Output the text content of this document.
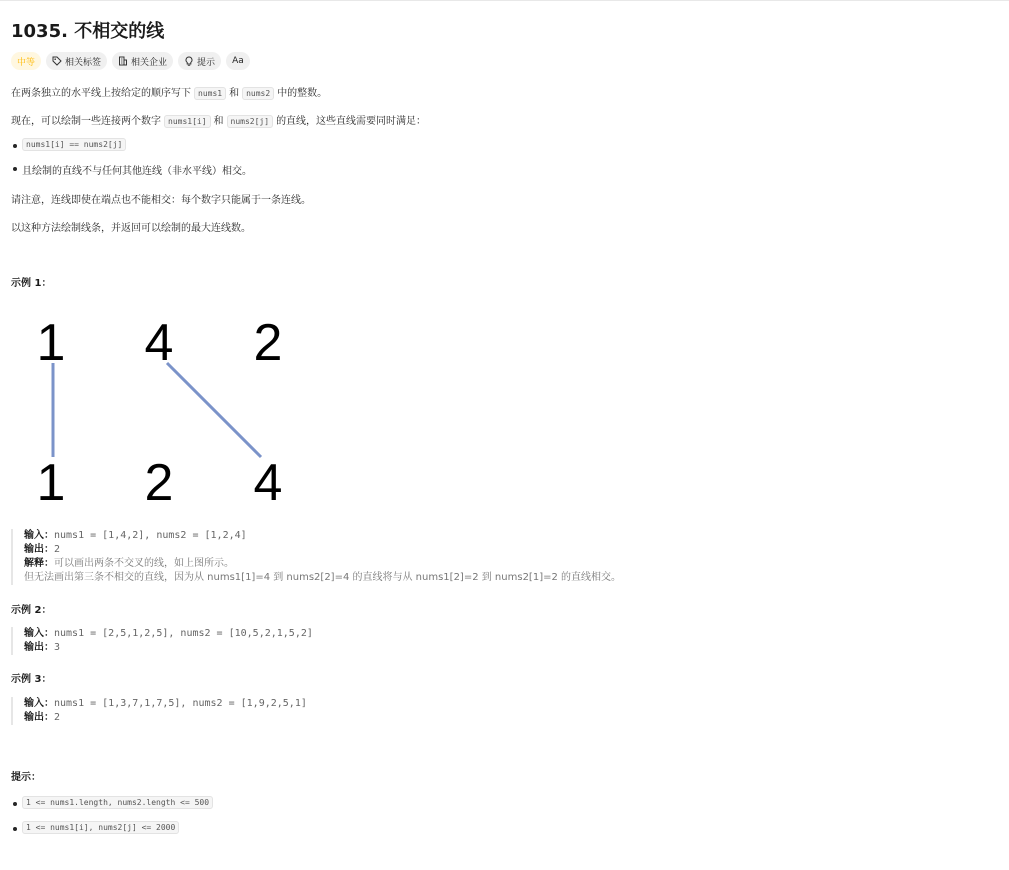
1035. 不相交的线
中等	相关标签	相关企业	提示 Aa
在两条独立的水平线上按给定的顺序写下 nums1 和 nums2 中的整数。
现在，可以绘制一些连接两个数字 nums1[i] 和 nums2[j] 的直线，这些直线需要同时满足：
nums1[i] == nums2[j]
且绘制的直线不与任何其他连线（非水平线）相交。
请注意，连线即使在端点也不能相交：每个数字只能属于一条连线。
以这种方法绘制线条，并返回可以绘制的最大连线数。
示例 1：
1 4 2
1 2 4
输入：nums1 = [1,4,2], nums2 = [1,2,4]
输出：2
解释：可以画出两条不交叉的线，如上图所示。
但无法画出第三条不相交的直线，因为从 nums1[1]=4 到 nums2[2]=4 的直线将与从 nums1[2]=2 到 nums2[1]=2 的直线相交。
示例 2：
输入：nums1 = [2,5,1,2,5], nums2 = [10,5,2,1,5,2]
输出：3
示例 3：
输入：nums1 = [1,3,7,1,7,5], nums2 = [1,9,2,5,1]
输出：2
提示：
1 <= nums1.length, nums2.length <= 500
1 <= nums1[i], nums2[j] <= 2000
